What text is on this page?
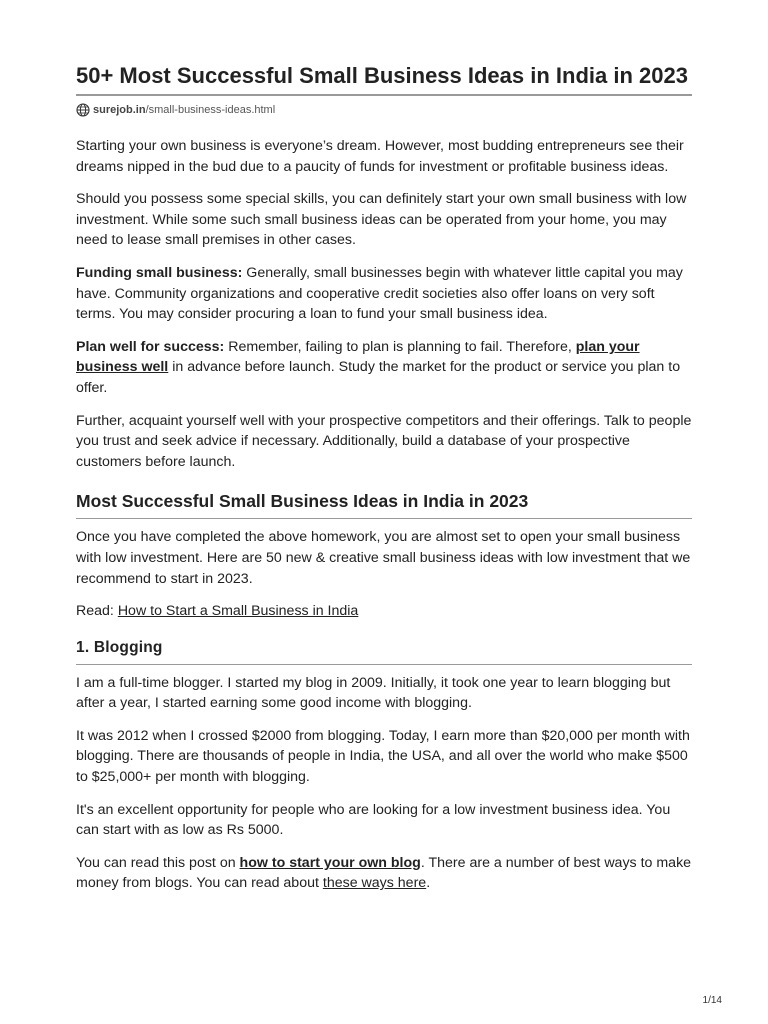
50+ Most Successful Small Business Ideas in India in 2023
surejob.in/small-business-ideas.html

Starting your own business is everyone’s dream. However, most budding entrepreneurs see their dreams nipped in the bud due to a paucity of funds for investment or profitable business ideas.

Should you possess some special skills, you can definitely start your own small business with low investment. While some such small business ideas can be operated from your home, you may need to lease small premises in other cases.

Funding small business: Generally, small businesses begin with whatever little capital you may have. Community organizations and cooperative credit societies also offer loans on very soft terms. You may consider procuring a loan to fund your small business idea.

Plan well for success: Remember, failing to plan is planning to fail. Therefore, plan your business well in advance before launch. Study the market for the product or service you plan to offer.

Further, acquaint yourself well with your prospective competitors and their offerings. Talk to people you trust and seek advice if necessary. Additionally, build a database of your prospective customers before launch.

Most Successful Small Business Ideas in India in 2023

Once you have completed the above homework, you are almost set to open your small business with low investment. Here are 50 new & creative small business ideas with low investment that we recommend to start in 2023.

Read: How to Start a Small Business in India

1. Blogging

I am a full-time blogger. I started my blog in 2009. Initially, it took one year to learn blogging but after a year, I started earning some good income with blogging.

It was 2012 when I crossed $2000 from blogging. Today, I earn more than $20,000 per month with blogging. There are thousands of people in India, the USA, and all over the world who make $500 to $25,000+ per month with blogging.

It's an excellent opportunity for people who are looking for a low investment business idea. You can start with as low as Rs 5000.

You can read this post on how to start your own blog. There are a number of best ways to make money from blogs. You can read about these ways here.

1/14
